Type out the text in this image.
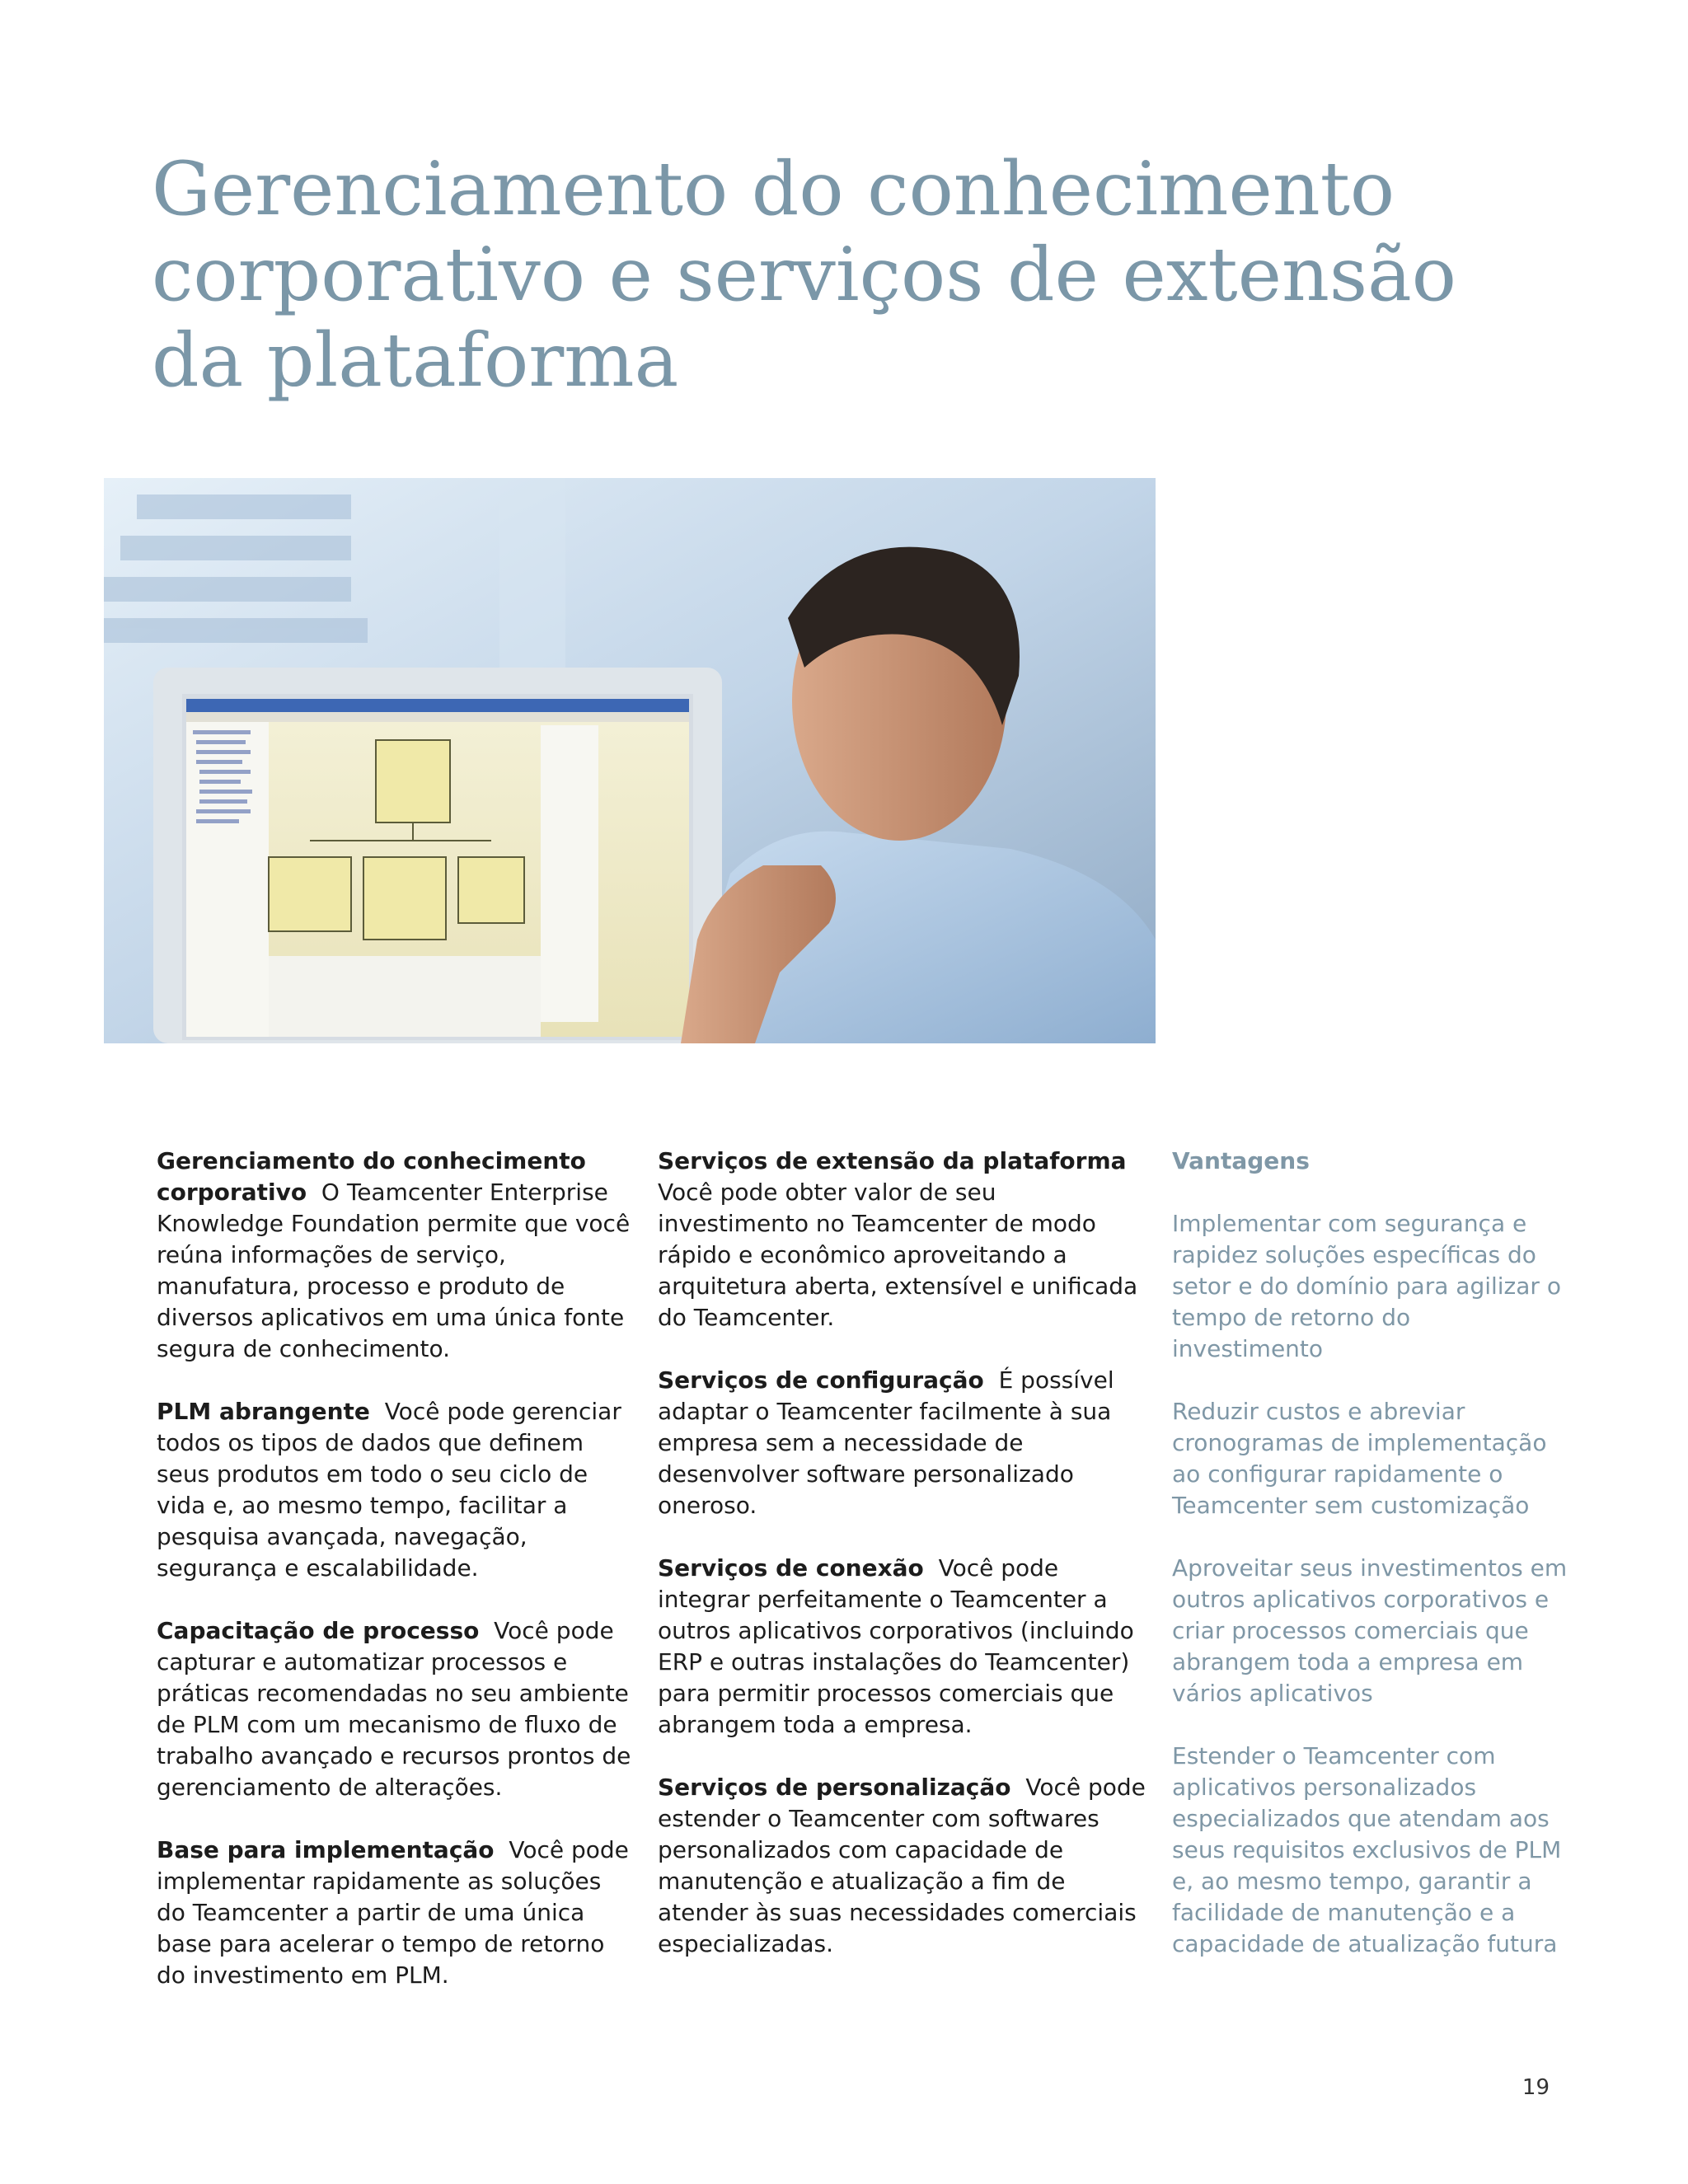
Gerenciamento do conhecimento
corporativo e serviços de extensão
da plataforma

Gerenciamento do conhecimento corporativo O Teamcenter Enterprise Knowledge Foundation permite que você reúna informações de serviço, manufatura, processo e produto de diversos aplicativos em uma única fonte segura de conhecimento.

PLM abrangente Você pode gerenciar todos os tipos de dados que definem seus produtos em todo o seu ciclo de vida e, ao mesmo tempo, facilitar a pesquisa avançada, navegação, segurança e escalabilidade.

Capacitação de processo Você pode capturar e automatizar processos e práticas recomendadas no seu ambiente de PLM com um mecanismo de fluxo de trabalho avançado e recursos prontos de gerenciamento de alterações.

Base para implementação Você pode implementar rapidamente as soluções do Teamcenter a partir de uma única base para acelerar o tempo de retorno do investimento em PLM.

Serviços de extensão da plataforma
Você pode obter valor de seu investimento no Teamcenter de modo rápido e econômico aproveitando a arquitetura aberta, extensível e unificada do Teamcenter.

Serviços de configuração É possível adaptar o Teamcenter facilmente à sua empresa sem a necessidade de desenvolver software personalizado oneroso.

Serviços de conexão Você pode integrar perfeitamente o Teamcenter a outros aplicativos corporativos (incluindo ERP e outras instalações do Teamcenter) para permitir processos comerciais que abrangem toda a empresa.

Serviços de personalização Você pode estender o Teamcenter com softwares personalizados com capacidade de manutenção e atualização a fim de atender às suas necessidades comerciais especializadas.

Vantagens

Implementar com segurança e rapidez soluções específicas do setor e do domínio para agilizar o tempo de retorno do investimento

Reduzir custos e abreviar cronogramas de implementação ao configurar rapidamente o Teamcenter sem customização

Aproveitar seus investimentos em outros aplicativos corporativos e criar processos comerciais que abrangem toda a empresa em vários aplicativos

Estender o Teamcenter com aplicativos personalizados especializados que atendam aos seus requisitos exclusivos de PLM e, ao mesmo tempo, garantir a facilidade de manutenção e a capacidade de atualização futura

19
